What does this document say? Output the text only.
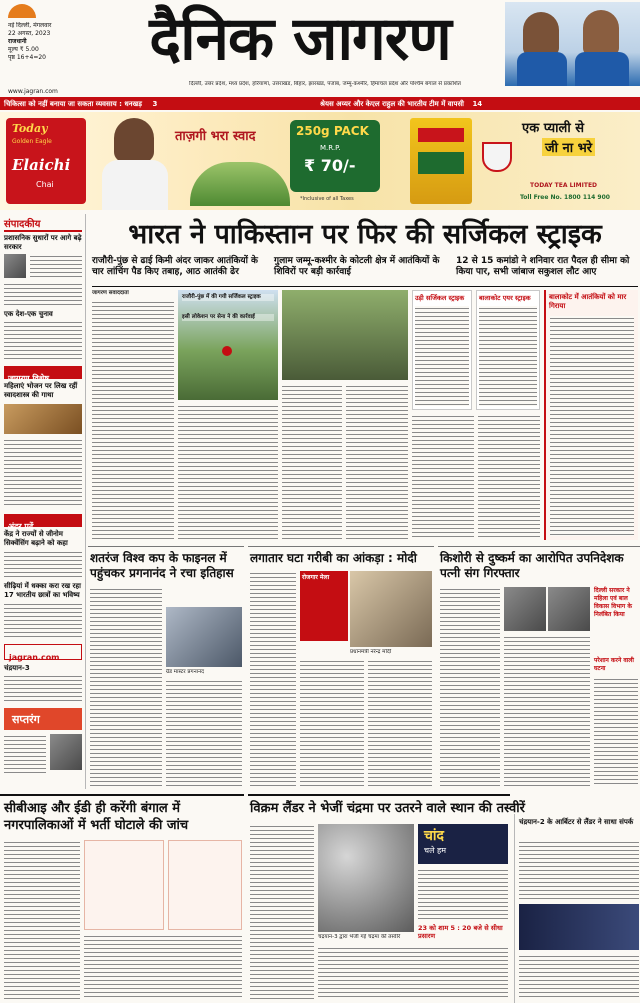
नई दिल्ली, मंगलवार
22 अगस्त, 2023
राजधानी
मूल्य ₹ 5.00
पृष्ठ 16+4=20	दैनिक जागरण
दिल्ली, उत्तर प्रदेश, मध्य प्रदेश, हरियाणा, उत्तराखंड, बिहार, झारखंड, पंजाब, जम्मू-कश्मीर, हिमाचल प्रदेश और पश्चिम बंगाल से प्रकाशित
www.jagran.com
चिकित्सा को नहीं बनाया जा सकता व्यवसाय : धनखड़ 3	श्रेयस अय्यर और केएल राहुल की भारतीय टीम में वापसी 14
Today
Golden Eagle
Elaichi
Chai
ताज़गी भरा स्वाद	250g PACK
M.R.P.
₹ 70/-
*Inclusive of all Taxes
एक प्याली से
जी ना भरे
TODAY TEA LIMITED
Toll Free No. 1800 114 900
संपादकीय
प्रशासनिक सुधारों पर आगे बढ़े सरकार
एक देश-एक चुनाव
जागरण विशेष
महिलाएं भोजन पर लिख रहीं स्वादशास्त्र की गाथा
अंदर पढ़ें
केंद्र ने राज्यों से जीनोम सिक्वेंसिंग बढ़ाने को कहा
सीढ़ियां में धक्का करा रख रहा 17 भारतीय छात्रों का भविष्य
jagran.com
चंद्रयान-3
सप्तरंग
भारत ने पाकिस्तान पर फिर की सर्जिकल स्ट्राइक
राजौरी-पुंछ से ढाई किमी अंदर जाकर आतंकियों के चार लांचिंग पैड किए तबाह, आठ आतंकी ढेर
गुलाम जम्मू-कश्मीर के कोटली क्षेत्र में आतंकियों के शिविरों पर बड़ी कार्रवाई
12 से 15 कमांडो ने शनिवार रात पैदल ही सीमा को किया पार, सभी जांबाज सकुशल लौट आए
जागरण संवाददाता
राजौरी-पुंछ में की गयी सर्जिकल स्ट्राइक
इसी लोकेशन पर सेना ने की कार्रवाई
उड़ी सर्जिकल स्ट्राइक	बालाकोट एयर स्ट्राइक	बालाकोट में आतंकियों को मार गिराया
शतरंज विश्व कप के फाइनल में पहुंचकर प्रगनानंद ने रचा इतिहास
ग्रैंड मास्टर प्रगनानंद
लगातार घटा गरीबी का आंकड़ा : मोदी
रोजगार मेला
प्रधानमंत्री नरेन्द्र मोदी
किशोरी से दुष्कर्म का आरोपित उपनिदेशक पत्नी संग गिरफ्तार
दिल्ली सरकार ने महिला एवं बाल विकास विभाग के निलंबित किया
परेशान करने वाली घटना
सीबीआइ और ईडी ही करेंगी बंगाल में नगरपालिकाओं में भर्ती घोटाले की जांच
विक्रम लैंडर ने भेजीं चंद्रमा पर उतरने वाले स्थान की तस्वीरें
चंद्रयान-3 द्वारा भेजी गई चंद्रमा की तस्वीरें
चांद
चले हम
23 को शाम 5 : 20 बजे से सीधा प्रसारण
चंद्रयान-2 के आर्बिटर से लैंडर ने साधा संपर्क
